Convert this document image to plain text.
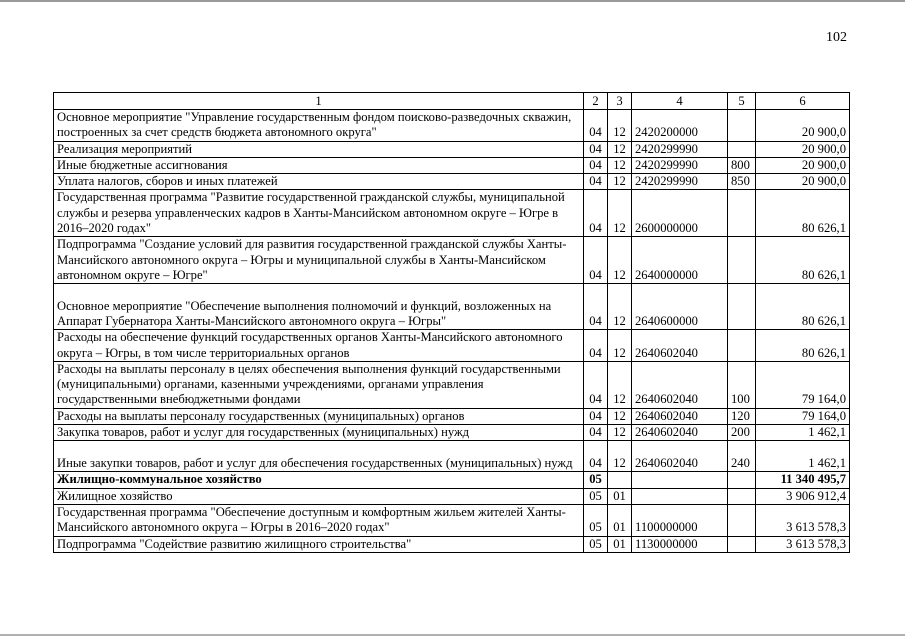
102
1	2	3	4	5	6
Основное мероприятие "Управление государственным фондом поисково-разведочных скважин, построенных за счет средств бюджета автономного округа"	04	12	2420200000		20 900,0
Реализация мероприятий	04	12	2420299990		20 900,0
Иные бюджетные ассигнования	04	12	2420299990	800	20 900,0
Уплата налогов, сборов и иных платежей	04	12	2420299990	850	20 900,0
Государственная программа "Развитие государственной гражданской службы, муниципальной службы и резерва управленческих кадров в Ханты-Мансийском автономном округе – Югре в 2016–2020 годах"	04	12	2600000000		80 626,1
Подпрограмма "Создание условий для развития государственной гражданской службы Ханты-Мансийского автономного округа – Югры и муниципальной службы в Ханты-Мансийском автономном округе – Югре"	04	12	2640000000		80 626,1
Основное мероприятие "Обеспечение выполнения полномочий и функций, возложенных на Аппарат Губернатора Ханты-Мансийского автономного округа – Югры"	04	12	2640600000		80 626,1
Расходы на обеспечение функций государственных органов Ханты-Мансийского автономного округа – Югры, в том числе территориальных органов	04	12	2640602040		80 626,1
Расходы на выплаты персоналу в целях обеспечения выполнения функций государственными (муниципальными) органами, казенными учреждениями, органами управления государственными внебюджетными фондами	04	12	2640602040	100	79 164,0
Расходы на выплаты персоналу государственных (муниципальных) органов	04	12	2640602040	120	79 164,0
Закупка товаров, работ и услуг для государственных (муниципальных) нужд	04	12	2640602040	200	1 462,1
Иные закупки товаров, работ и услуг для обеспечения государственных (муниципальных) нужд	04	12	2640602040	240	1 462,1
Жилищно-коммунальное хозяйство	05				11 340 495,7
Жилищное хозяйство	05	01			3 906 912,4
Государственная программа "Обеспечение доступным и комфортным жильем жителей Ханты-Мансийского автономного округа – Югры в 2016–2020 годах"	05	01	1100000000		3 613 578,3
Подпрограмма "Содействие развитию жилищного строительства"	05	01	1130000000		3 613 578,3
